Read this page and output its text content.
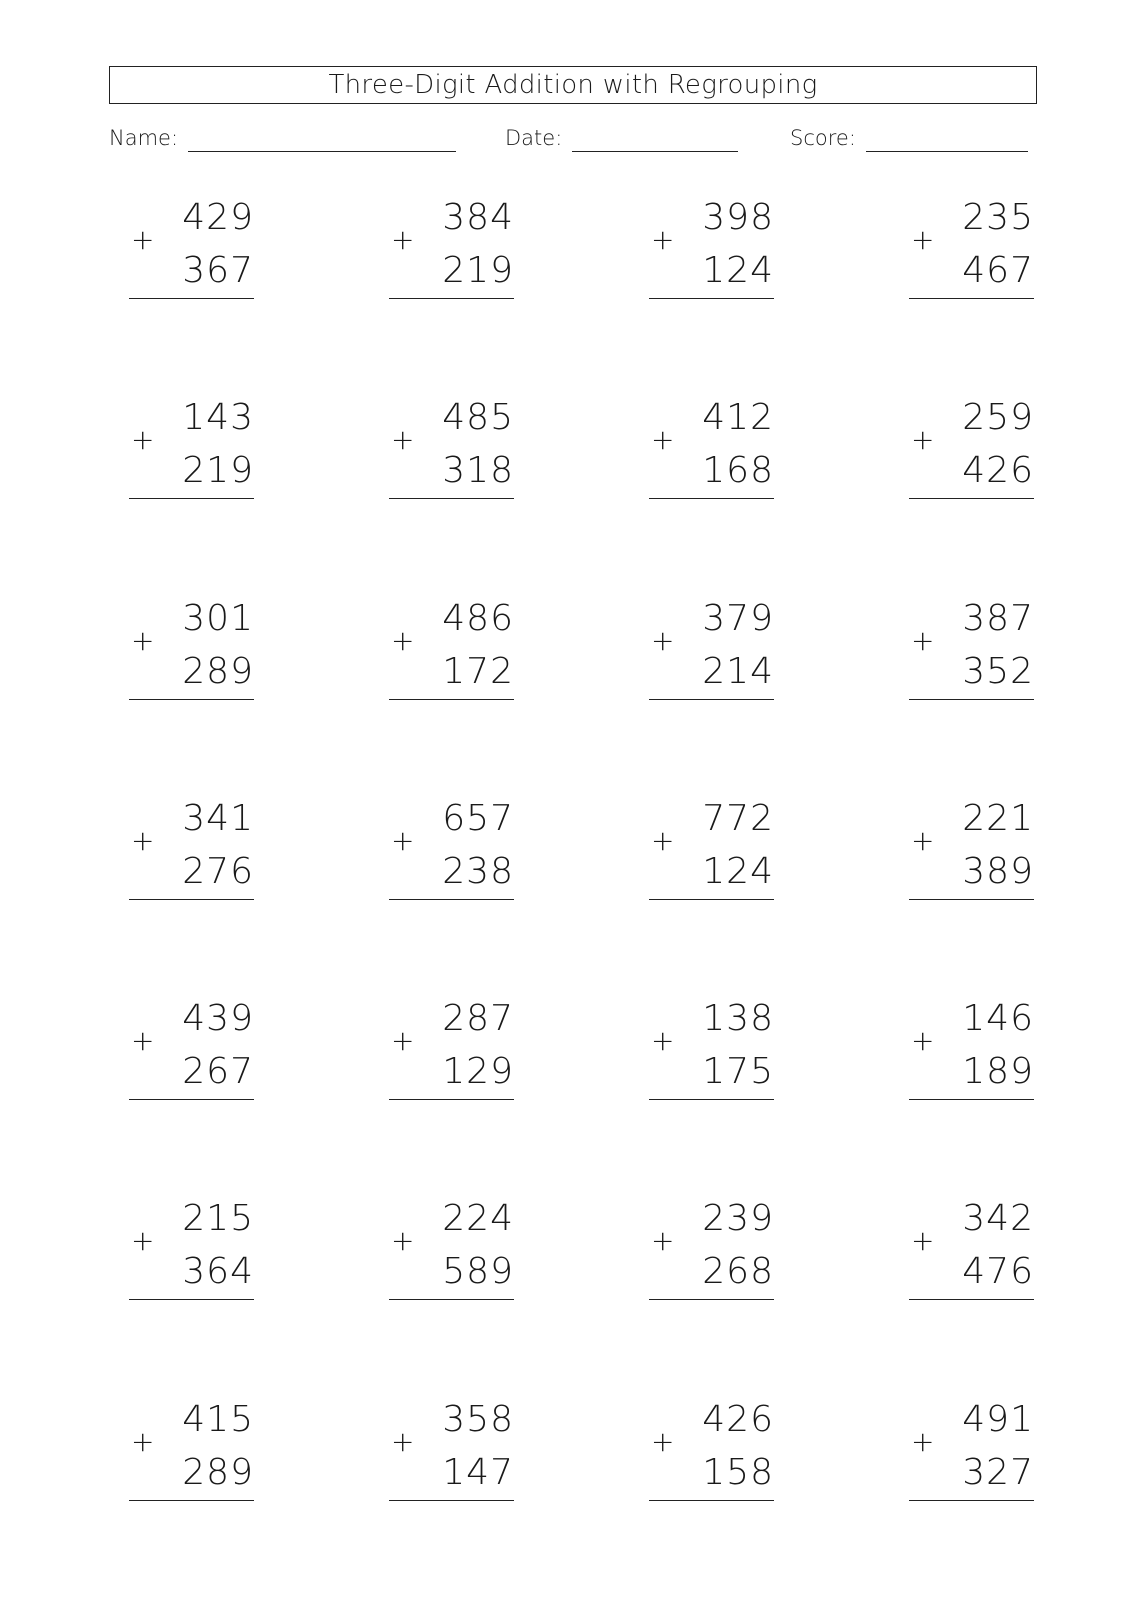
Three-Digit Addition with Regrouping
Name:	Date:	Score:
429
+
367
384
+
219
398
+
124
235
+
467
143
+
219
485
+
318
412
+
168
259
+
426
301
+
289
486
+
172
379
+
214
387
+
352
341
+
276
657
+
238
772
+
124
221
+
389
439
+
267
287
+
129
138
+
175
146
+
189
215
+
364
224
+
589
239
+
268
342
+
476
415
+
289
358
+
147
426
+
158
491
+
327
